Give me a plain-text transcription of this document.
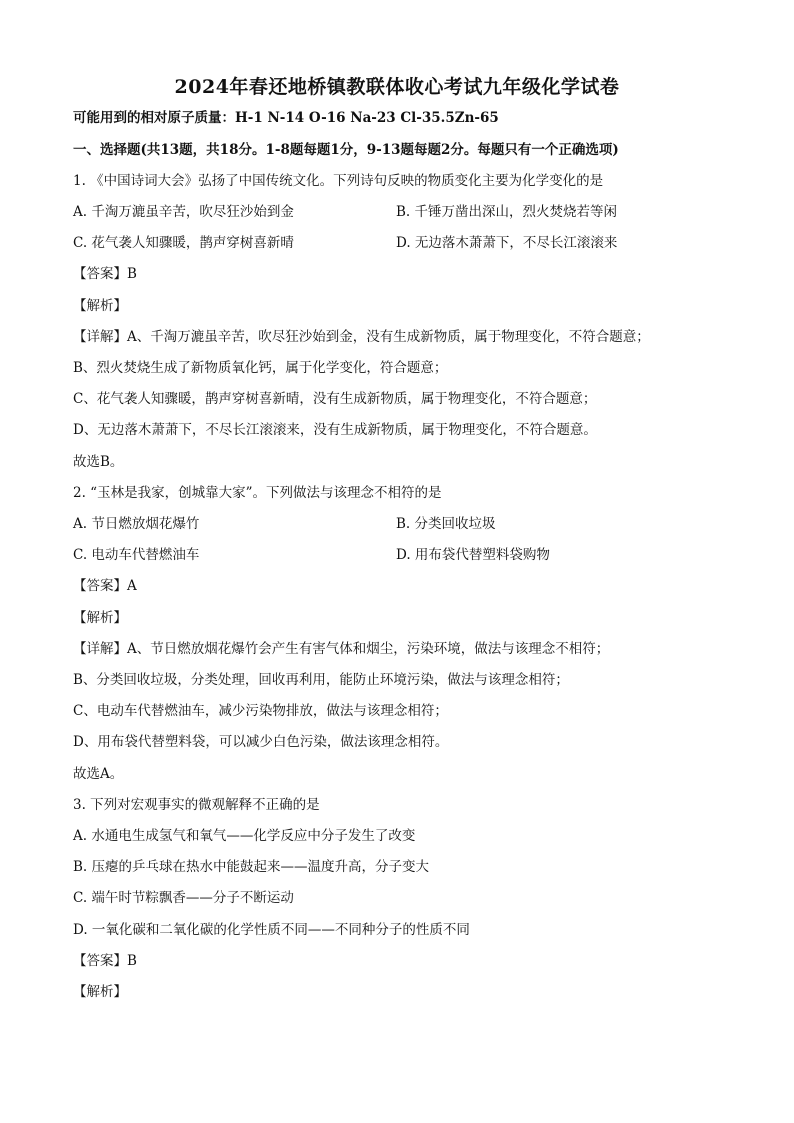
2024年春还地桥镇教联体收心考试九年级化学试卷
可能用到的相对原子质量：H-1 N-14 O-16 Na-23 Cl-35.5Zn-65
一、选择题(共13题，共18分。1-8题每题1分，9-13题每题2分。每题只有一个正确选项)
1. 《中国诗词大会》弘扬了中国传统文化。下列诗句反映的物质变化主要为化学变化的是
A. 千淘万漉虽辛苦，吹尽狂沙始到金	B. 千锤万凿出深山，烈火焚烧若等闲
C. 花气袭人知骤暖，鹊声穿树喜新晴	D. 无边落木萧萧下，不尽长江滚滚来
【答案】B
【解析】
【详解】A、千淘万漉虽辛苦，吹尽狂沙始到金，没有生成新物质，属于物理变化，不符合题意；
B、烈火焚烧生成了新物质氧化钙，属于化学变化，符合题意；
C、花气袭人知骤暖，鹊声穿树喜新晴，没有生成新物质，属于物理变化，不符合题意；
D、无边落木萧萧下，不尽长江滚滚来，没有生成新物质，属于物理变化，不符合题意。
故选B。
2. “玉林是我家，创城靠大家”。下列做法与该理念不相符的是
A. 节日燃放烟花爆竹	B. 分类回收垃圾
C. 电动车代替燃油车	D. 用布袋代替塑料袋购物
【答案】A
【解析】
【详解】A、节日燃放烟花爆竹会产生有害气体和烟尘，污染环境，做法与该理念不相符；
B、分类回收垃圾，分类处理，回收再利用，能防止环境污染，做法与该理念相符；
C、电动车代替燃油车，减少污染物排放，做法与该理念相符；
D、用布袋代替塑料袋，可以减少白色污染，做法该理念相符。
故选A。
3. 下列对宏观事实的微观解释不正确的是
A. 水通电生成氢气和氧气——化学反应中分子发生了改变
B. 压瘪的乒乓球在热水中能鼓起来——温度升高，分子变大
C. 端午时节粽飘香——分子不断运动
D. 一氧化碳和二氧化碳的化学性质不同——不同种分子的性质不同
【答案】B
【解析】
